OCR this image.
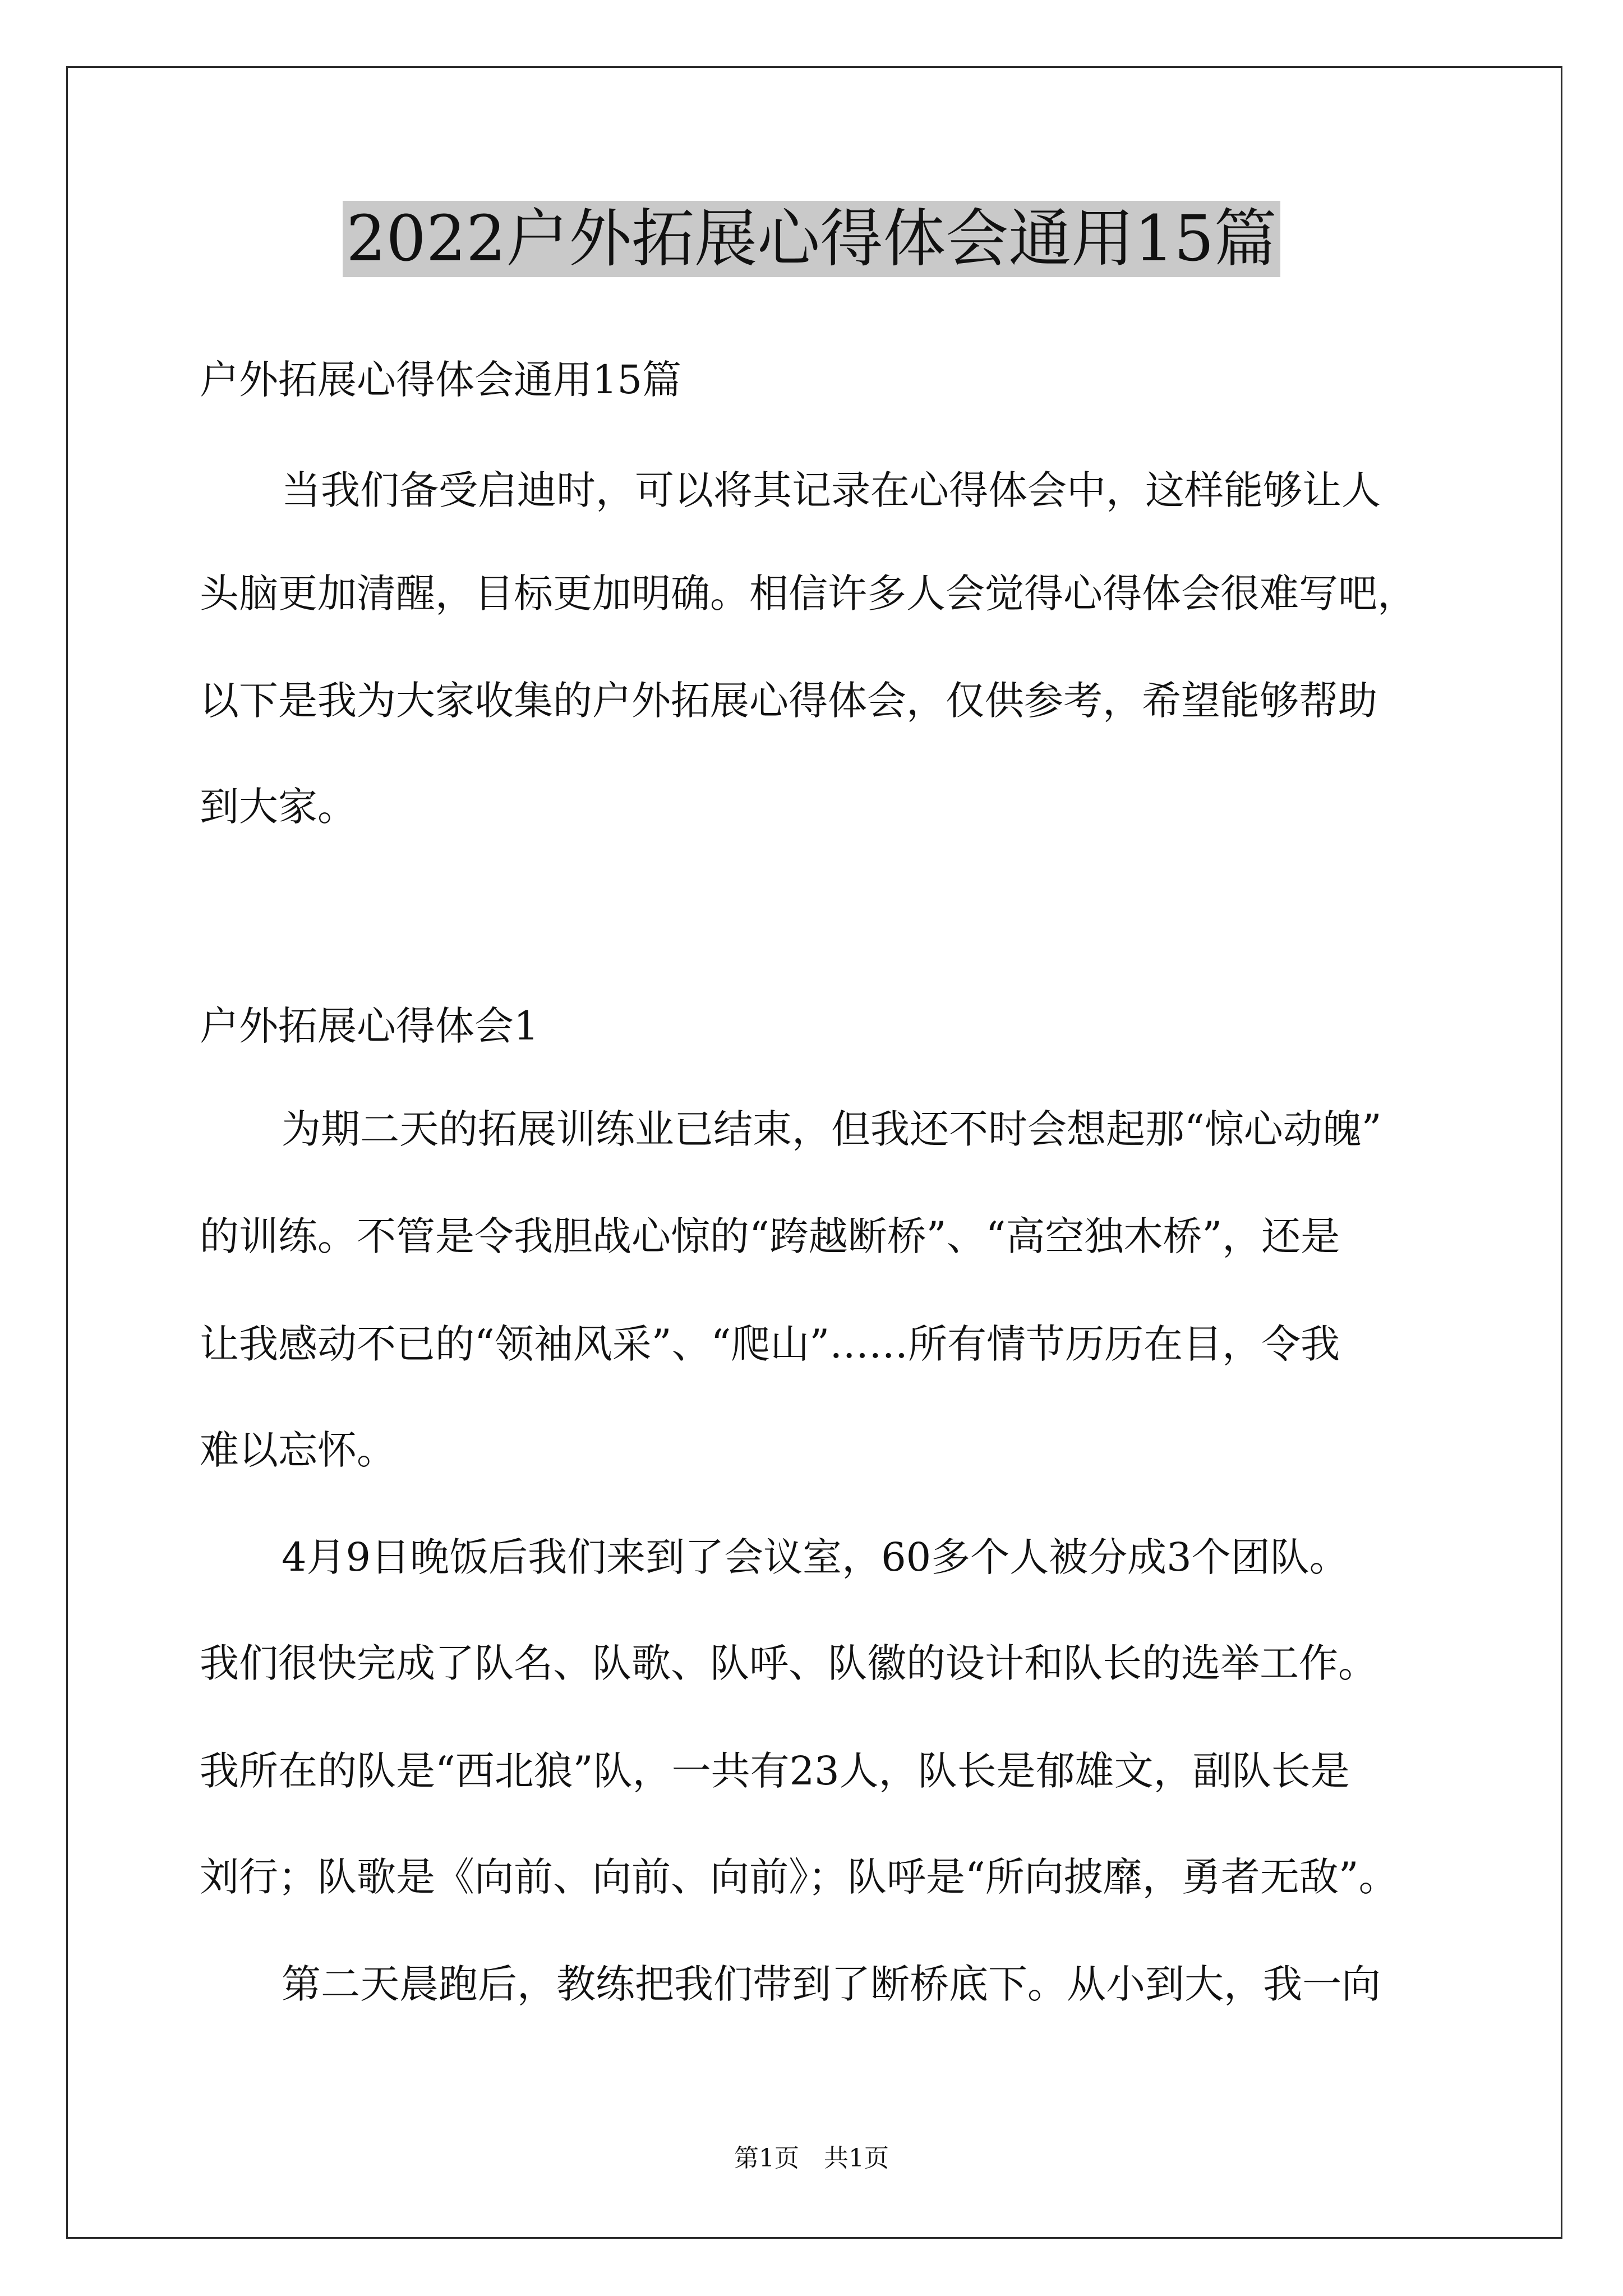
2022户外拓展心得体会通用15篇
户外拓展心得体会通用15篇
当我们备受启迪时，可以将其记录在心得体会中，这样能够让人
头脑更加清醒，目标更加明确。相信许多人会觉得心得体会很难写吧，
以下是我为大家收集的户外拓展心得体会，仅供参考，希望能够帮助
到大家。
户外拓展心得体会1
为期二天的拓展训练业已结束，但我还不时会想起那“惊心动魄”
的训练。不管是令我胆战心惊的“跨越断桥”、“高空独木桥”，还是
让我感动不已的“领袖风采”、“爬山”……所有情节历历在目，令我
难以忘怀。
4月9日晚饭后我们来到了会议室，60多个人被分成3个团队。
我们很快完成了队名、队歌、队呼、队徽的设计和队长的选举工作。
我所在的队是“西北狼”队，一共有23人，队长是郁雄文，副队长是
刘行；队歌是《向前、向前、向前》；队呼是“所向披靡，勇者无敌”。
第二天晨跑后，教练把我们带到了断桥底下。从小到大，我一向
第1页　共1页
